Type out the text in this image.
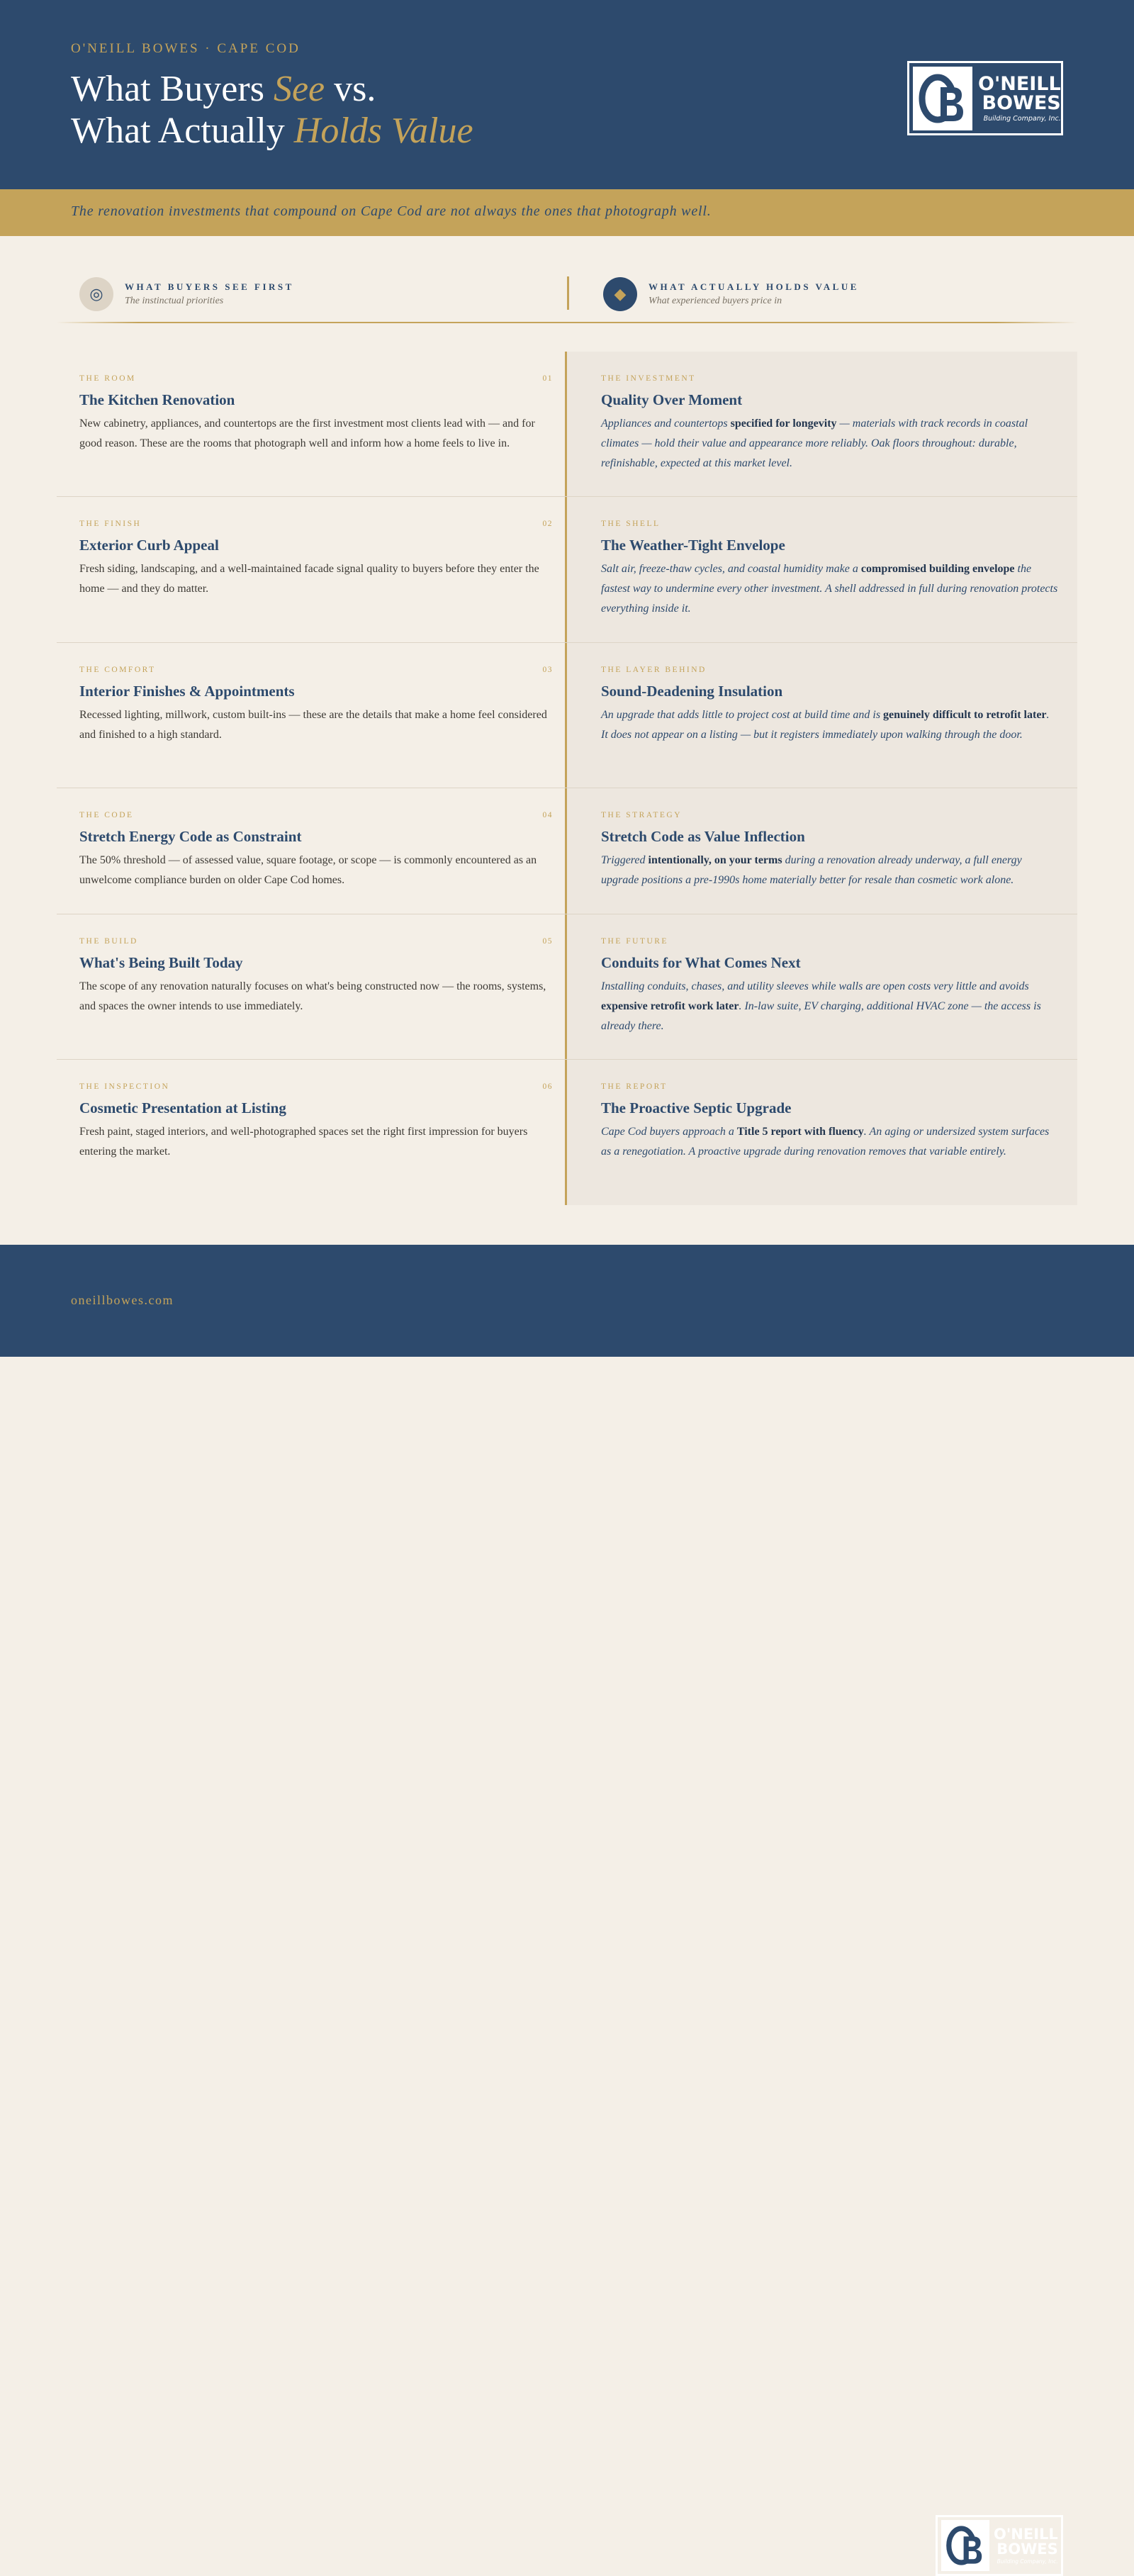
O'NEILL BOWES · CAPE COD
What Buyers See vs.
What Actually Holds Value
O'NEILL
BOWES
Building Company, Inc.
The renovation investments that compound on Cape Cod are not always the ones that photograph well.
◎	WHAT BUYERS SEE FIRST
The instinctual priorities	◆	WHAT ACTUALLY HOLDS VALUE
What experienced buyers price in
THE ROOM	01
The Kitchen Renovation

New cabinetry, appliances, and countertops are the first investment most clients lead with — and for good reason. These are the rooms that photograph well and inform how a home feels to live in.

THE INVESTMENT
Quality Over Moment

Appliances and countertops specified for longevity — materials with track records in coastal climates — hold their value and appearance more reliably. Oak floors throughout: durable, refinishable, expected at this market level.

THE FINISH	02
Exterior Curb Appeal

Fresh siding, landscaping, and a well-maintained facade signal quality to buyers before they enter the home — and they do matter.

THE SHELL
The Weather-Tight Envelope

Salt air, freeze-thaw cycles, and coastal humidity make a compromised building envelope the fastest way to undermine every other investment. A shell addressed in full during renovation protects everything inside it.

THE COMFORT	03
Interior Finishes & Appointments

Recessed lighting, millwork, custom built-ins — these are the details that make a home feel considered and finished to a high standard.

THE LAYER BEHIND
Sound-Deadening Insulation

An upgrade that adds little to project cost at build time and is genuinely difficult to retrofit later. It does not appear on a listing — but it registers immediately upon walking through the door.

THE CODE	04
Stretch Energy Code as Constraint

The 50% threshold — of assessed value, square footage, or scope — is commonly encountered as an unwelcome compliance burden on older Cape Cod homes.

THE STRATEGY
Stretch Code as Value Inflection

Triggered intentionally, on your terms during a renovation already underway, a full energy upgrade positions a pre-1990s home materially better for resale than cosmetic work alone.

THE BUILD	05
What's Being Built Today

The scope of any renovation naturally focuses on what's being constructed now — the rooms, systems, and spaces the owner intends to use immediately.

THE FUTURE
Conduits for What Comes Next

Installing conduits, chases, and utility sleeves while walls are open costs very little and avoids expensive retrofit work later. In-law suite, EV charging, additional HVAC zone — the access is already there.

THE INSPECTION	06
Cosmetic Presentation at Listing

Fresh paint, staged interiors, and well-photographed spaces set the right first impression for buyers entering the market.

THE REPORT
The Proactive Septic Upgrade

Cape Cod buyers approach a Title 5 report with fluency. An aging or undersized system surfaces as a renegotiation. A proactive upgrade during renovation removes that variable entirely.

oneillbowes.com
O'NEILL
BOWES
Building Company, Inc.
